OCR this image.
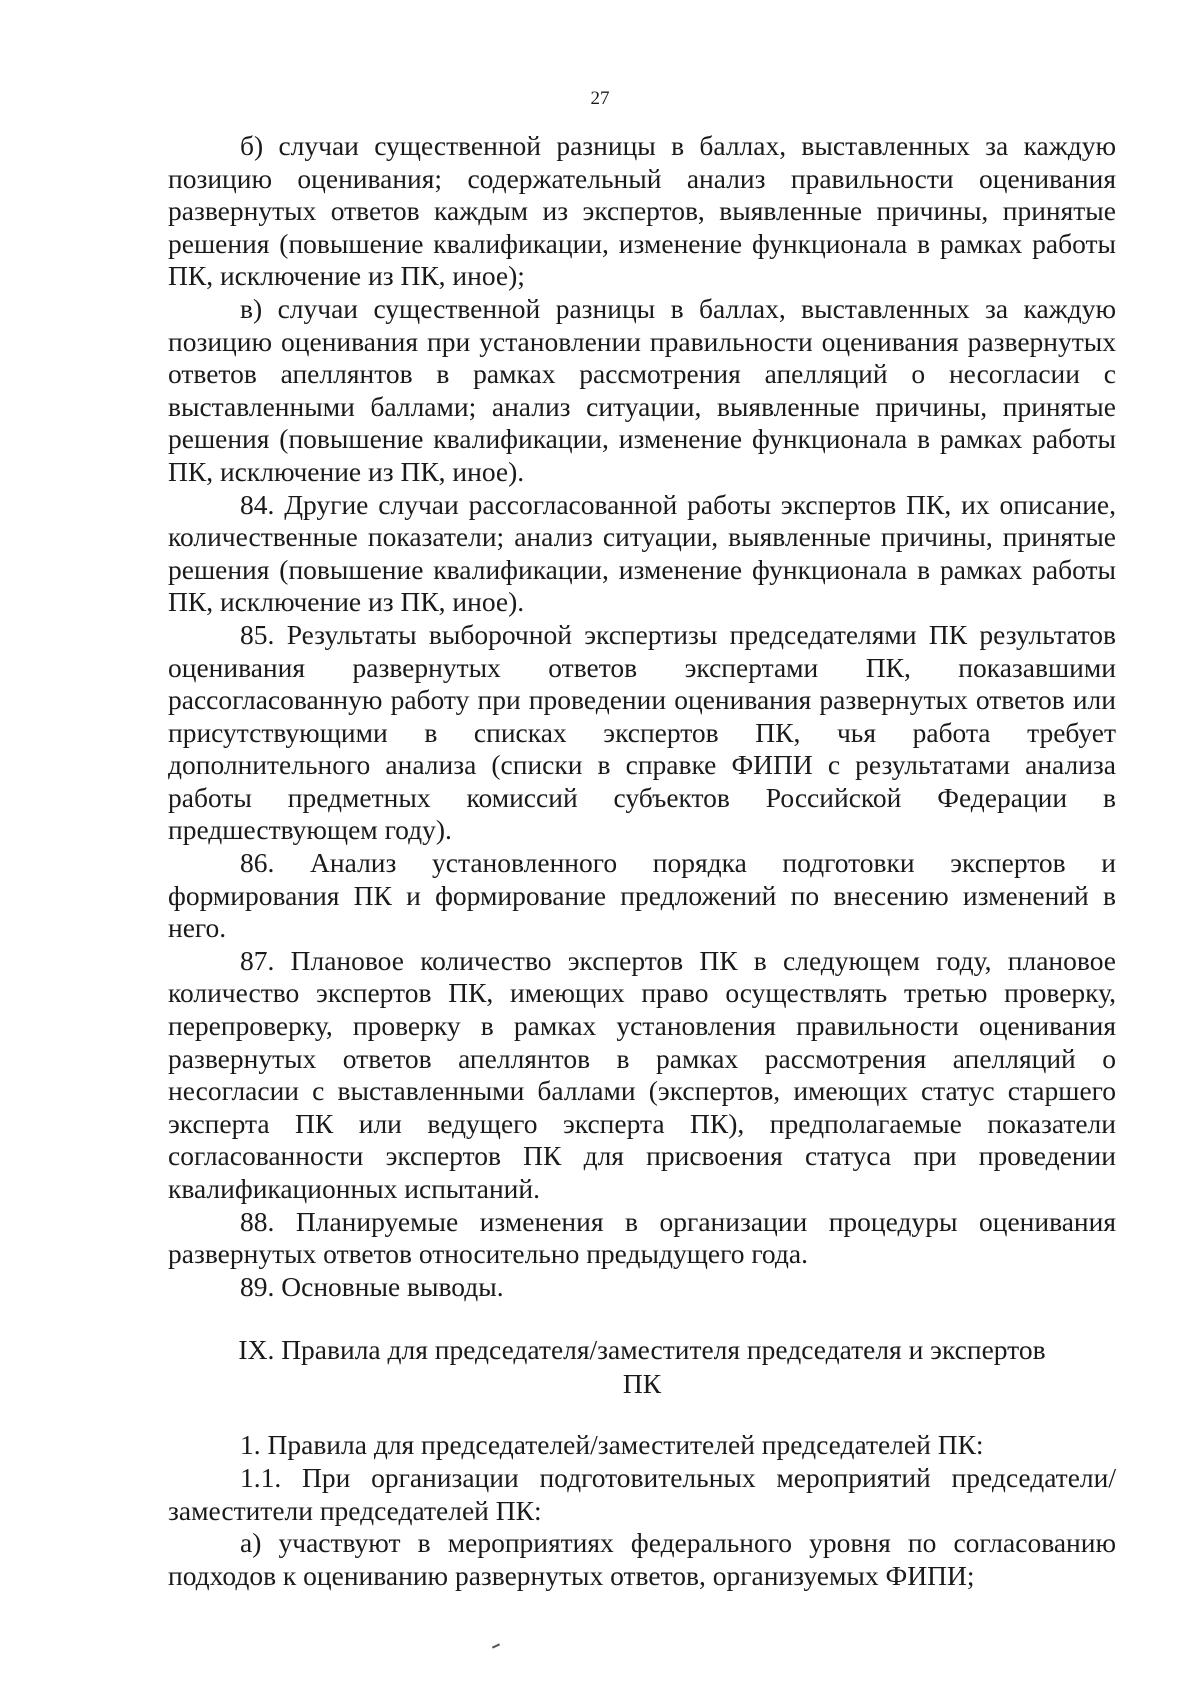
27

б) случаи существенной разницы в баллах, выставленных за каждую позицию оценивания; содержательный анализ правильности оценивания развернутых ответов каждым из экспертов, выявленные причины, принятые решения (повышение квалификации, изменение функционала в рамках работы ПК, исключение из ПК, иное);

в) случаи существенной разницы в баллах, выставленных за каждую позицию оценивания при установлении правильности оценивания развернутых ответов апеллянтов в рамках рассмотрения апелляций о несогласии с выставленными баллами; анализ ситуации, выявленные причины, принятые решения (повышение квалификации, изменение функционала в рамках работы ПК, исключение из ПК, иное).

84. Другие случаи рассогласованной работы экспертов ПК, их описание, количественные показатели; анализ ситуации, выявленные причины, принятые решения (повышение квалификации, изменение функционала в рамках работы ПК, исключение из ПК, иное).

85. Результаты выборочной экспертизы председателями ПК результатов оценивания развернутых ответов экспертами ПК, показавшими рассогласованную работу при проведении оценивания развернутых ответов или присутствующими в списках экспертов ПК, чья работа требует дополнительного анализа (списки в справке ФИПИ с результатами анализа работы предметных комиссий субъектов Российской Федерации в предшествующем году).

86. Анализ установленного порядка подготовки экспертов и формирования ПК и формирование предложений по внесению изменений в него.

87. Плановое количество экспертов ПК в следующем году, плановое количество экспертов ПК, имеющих право осуществлять третью проверку, перепроверку, проверку в рамках установления правильности оценивания развернутых ответов апеллянтов в рамках рассмотрения апелляций о несогласии с выставленными баллами (экспертов, имеющих статус старшего эксперта ПК или ведущего эксперта ПК), предполагаемые показатели согласованности экспертов ПК для присвоения статуса при проведении квалификационных испытаний.

88. Планируемые изменения в организации процедуры оценивания развернутых ответов относительно предыдущего года.

89. Основные выводы.

IX. Правила для председателя/заместителя председателя и экспертов

ПК

1. Правила для председателей/заместителей председателей ПК:

1.1. При организации подготовительных мероприятий председатели/заместители председателей ПК:

а) участвуют в мероприятиях федерального уровня по согласованию подходов к оцениванию развернутых ответов, организуемых ФИПИ;
